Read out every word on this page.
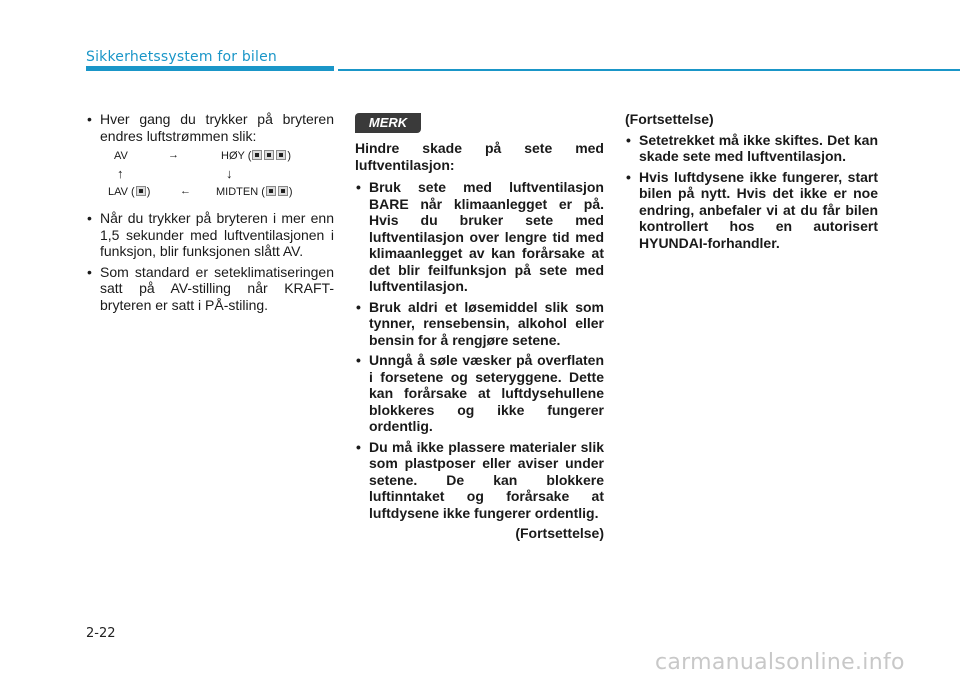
Sikkerhetssystem for bilen
• Hver gang du trykker på bryteren endres luftstrømmen slik:
• Når du trykker på bryteren i mer enn 1,5 sekunder med luftventilasjonen i funksjon, blir funksjonen slått AV.
• Som standard er seteklimatiseringen satt på AV-stilling når KRAFT-bryteren er satt i PÅ-stiling.
AV	→	HØY (	)
↑	↓
LAV ( )	← MIDTEN ( )
MERK
Hindre skade på sete med luftventilasjon:
• Bruk sete med luftventilasjon BARE når klimaanlegget er på. Hvis du bruker sete med luftventilasjon over lengre tid med klimaanlegget av kan forårsake at det blir feilfunksjon på sete med luftventilasjon.
• Bruk aldri et løsemiddel slik som tynner, rensebensin, alkohol eller bensin for å rengjøre setene.
• Unngå å søle væsker på overflaten i forsetene og seteryggene. Dette kan forårsake at luftdysehullene blokkeres og ikke fungerer ordentlig.
• Du må ikke plassere materialer slik som plastposer eller aviser under setene. De kan blokkere luftinntaket og forårsake at luftdysene ikke fungerer ordentlig.
(Fortsettelse)
(Fortsettelse)
• Setetrekket må ikke skiftes. Det kan skade sete med luftventilasjon.
• Hvis luftdysene ikke fungerer, start bilen på nytt. Hvis det ikke er noe endring, anbefaler vi at du får bilen kontrollert hos en autorisert HYUNDAI-forhandler.
2-22
carmanualsonline.info
